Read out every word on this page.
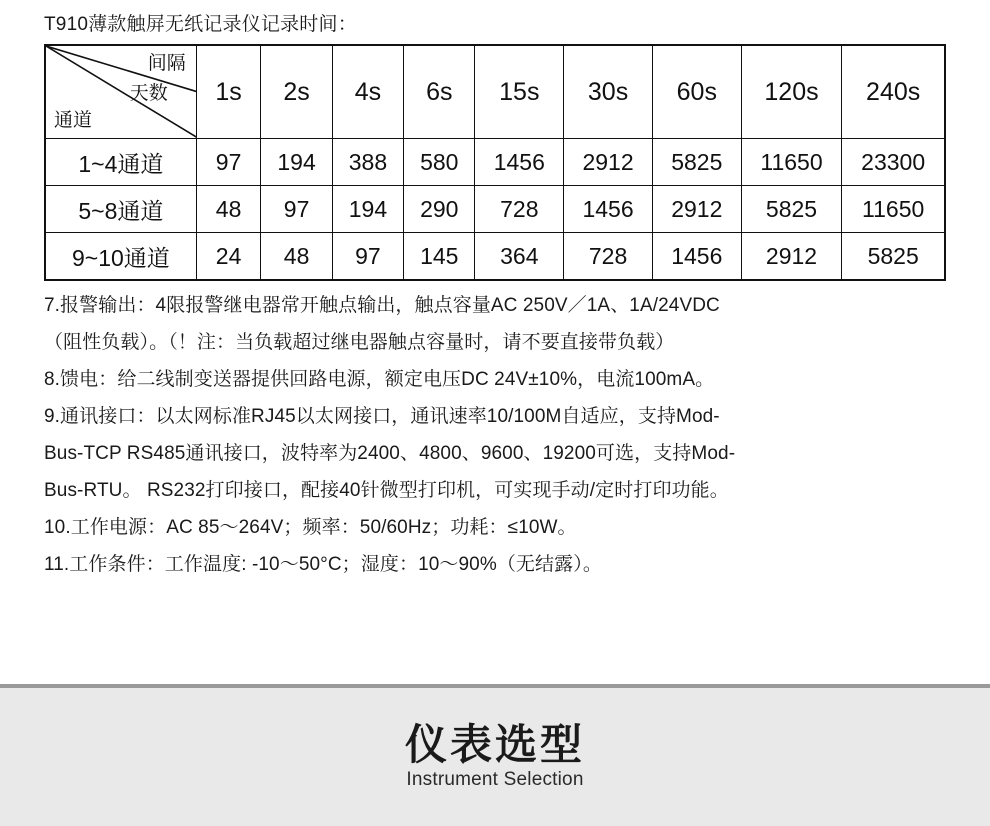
T910薄款触屏无纸记录仪记录时间：

间隔
天数
通道	1s	2s	4s	6s	15s	30s	60s	120s	240s
1~4通道	97	194	388	580	1456	2912	5825	11650	23300
5~8通道	48	97	194	290	728	1456	2912	5825	11650
9~10通道	24	48	97	145	364	728	1456	2912	5825

7.报警输出：4限报警继电器常开触点输出，触点容量AC 250V／1A、1A/24VDC

（阻性负载）。（！注：当负载超过继电器触点容量时，请不要直接带负载）

8.馈电：给二线制变送器提供回路电源，额定电压DC 24V±10%，电流100mA。

9.通讯接口：以太网标准RJ45以太网接口，通讯速率10/100M自适应，支持Mod-

Bus-TCP RS485通讯接口，波特率为2400、4800、9600、19200可选，支持Mod-

Bus-RTU。 RS232打印接口，配接40针微型打印机，可实现手动/定时打印功能。

10.工作电源：AC 85～264V；频率：50/60Hz；功耗：≤10W。

11.工作条件：工作温度: -10～50°C；湿度：10～90%（无结露）。

仪表选型
Instrument Selection
